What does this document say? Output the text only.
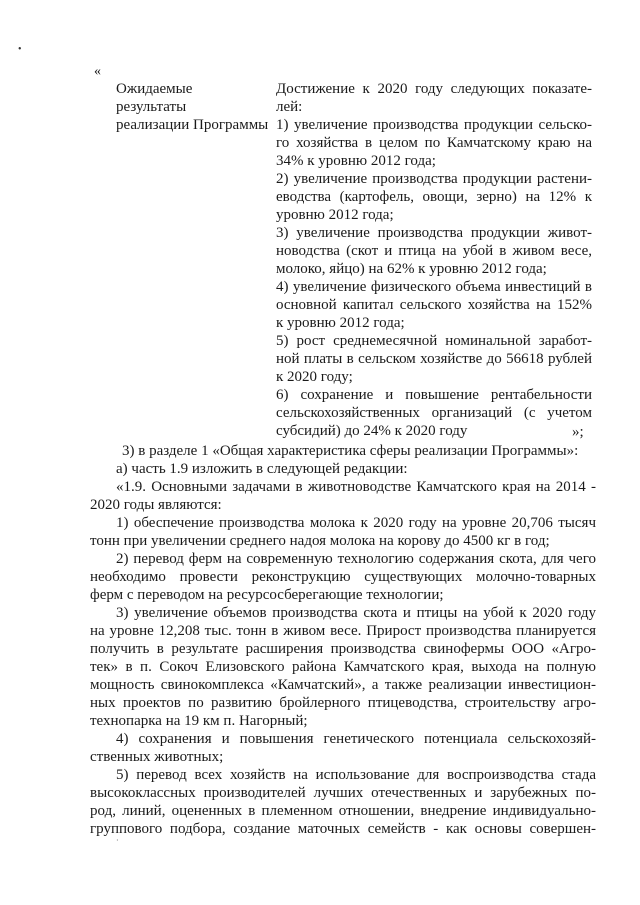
•
«
Ожидаемые
результаты
реализации Программы
Достижение к 2020 году следующих показате-
лей:
1) увеличение производства продукции сельско-
го хозяйства в целом по Камчатскому краю на
34% к уровню 2012 года;
2) увеличение производства продукции растени-
еводства (картофель, овощи, зерно) на 12% к
уровню 2012 года;
3) увеличение производства продукции живот-
новодства (скот и птица на убой в живом весе,
молоко, яйцо) на 62% к уровню 2012 года;
4) увеличение физического объема инвестиций в
основной капитал сельского хозяйства на 152%
к уровню 2012 года;
5) рост среднемесячной номинальной заработ-
ной платы в сельском хозяйстве до 56618 рублей
к 2020 году;
6) сохранение и повышение рентабельности
сельскохозяйственных организаций (с учетом
субсидий) до 24% к 2020 году	»;
3) в разделе 1 «Общая характеристика сферы реализации Программы»:
а) часть 1.9 изложить в следующей редакции:
«1.9. Основными задачами в животноводстве Камчатского края на 2014 -
2020 годы являются:
1) обеспечение производства молока к 2020 году на уровне 20,706 тысяч
тонн при увеличении среднего надоя молока на корову до 4500 кг в год;
2) перевод ферм на современную технологию содержания скота, для чего
необходимо провести реконструкцию существующих молочно-товарных
ферм с переводом на ресурсосберегающие технологии;
3) увеличение объемов производства скота и птицы на убой к 2020 году
на уровне 12,208 тыс. тонн в живом весе. Прирост производства планируется
получить в результате расширения производства свинофермы ООО «Агро-
тек» в п. Сокоч Елизовского района Камчатского края, выхода на полную
мощность свинокомплекса «Камчатский», а также реализации инвестицион-
ных проектов по развитию бройлерного птицеводства, строительству агро-
технопарка на 19 км п. Нагорный;
4) сохранения и повышения генетического потенциала сельскохозяй-
ственных животных;
5) перевод всех хозяйств на использование для воспроизводства стада
высококлассных производителей лучших отечественных и зарубежных по-
род, линий, оцененных в племенном отношении, внедрение индивидуально-
группового подбора, создание маточных семейств - как основы совершен-
·
